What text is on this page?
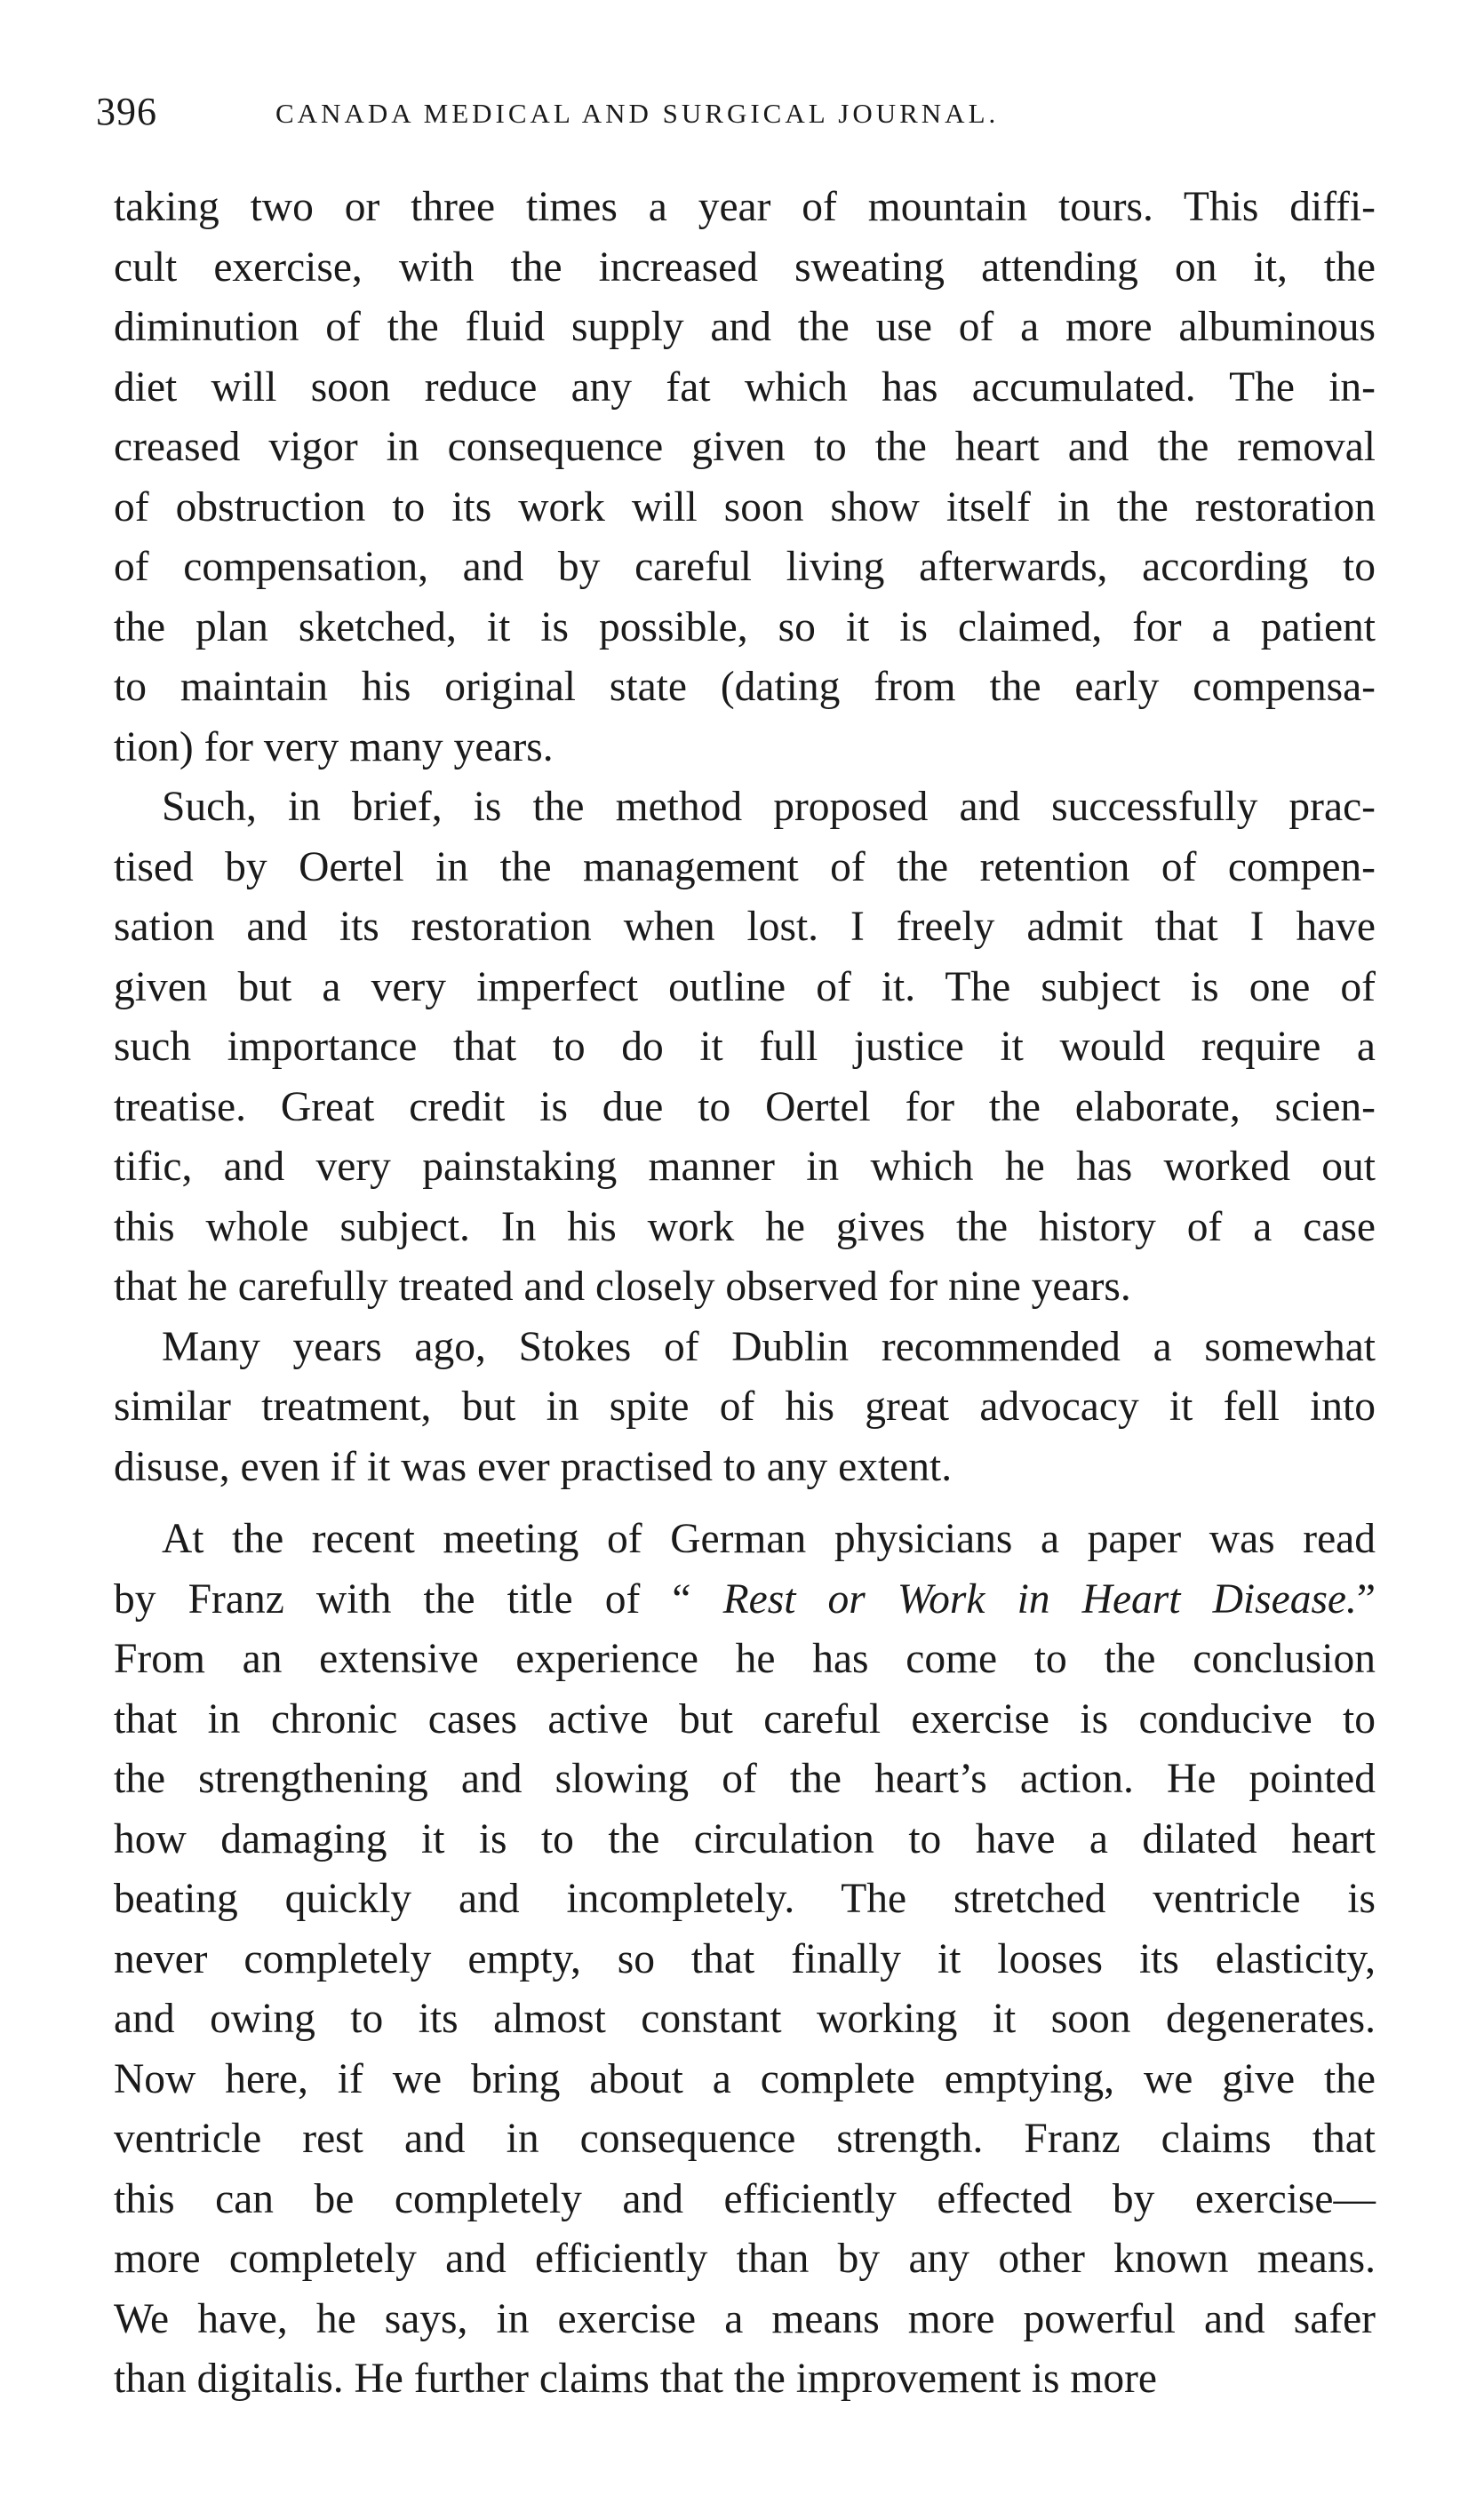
396	CANADA MEDICAL AND SURGICAL JOURNAL.
taking two or three times a year of mountain tours. This diffi-
cult exercise, with the increased sweating attending on it, the
diminution of the fluid supply and the use of a more albuminous
diet will soon reduce any fat which has accumulated. The in-
creased vigor in consequence given to the heart and the removal
of obstruction to its work will soon show itself in the restoration
of compensation, and by careful living afterwards, according to
the plan sketched, it is possible, so it is claimed, for a patient
to maintain his original state (dating from the early compensa-
tion) for very many years.
Such, in brief, is the method proposed and successfully prac-
tised by Oertel in the management of the retention of compen-
sation and its restoration when lost. I freely admit that I have
given but a very imperfect outline of it. The subject is one of
such importance that to do it full justice it would require a
treatise. Great credit is due to Oertel for the elaborate, scien-
tific, and very painstaking manner in which he has worked out
this whole subject. In his work he gives the history of a case
that he carefully treated and closely observed for nine years.
Many years ago, Stokes of Dublin recommended a somewhat
similar treatment, but in spite of his great advocacy it fell into
disuse, even if it was ever practised to any extent.
At the recent meeting of German physicians a paper was read
by Franz with the title of “ Rest or Work in Heart Disease.”
From an extensive experience he has come to the conclusion
that in chronic cases active but careful exercise is conducive to
the strengthening and slowing of the heart’s action. He pointed
how damaging it is to the circulation to have a dilated heart
beating quickly and incompletely. The stretched ventricle is
never completely empty, so that finally it looses its elasticity,
and owing to its almost constant working it soon degenerates.
Now here, if we bring about a complete emptying, we give the
ventricle rest and in consequence strength. Franz claims that
this can be completely and efficiently effected by exercise—
more completely and efficiently than by any other known means.
We have, he says, in exercise a means more powerful and safer
than digitalis. He further claims that the improvement is more
